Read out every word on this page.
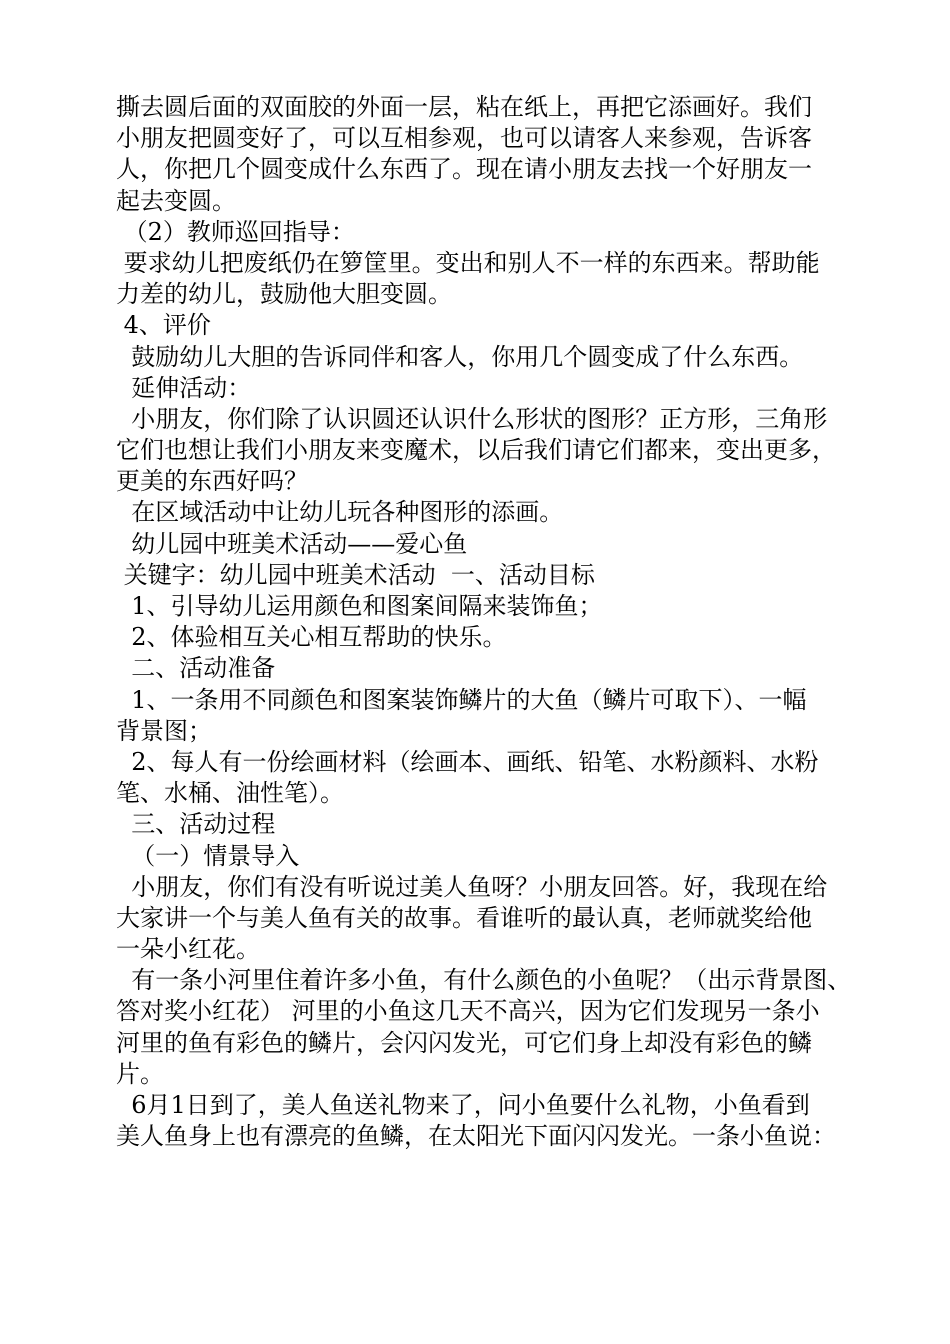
撕去圆后面的双面胶的外面一层，粘在纸上，再把它添画好。我们
小朋友把圆变好了，可以互相参观，也可以请客人来参观，告诉客
人，你把几个圆变成什么东西了。现在请小朋友去找一个好朋友一
起去变圆。
（2）教师巡回指导：
要求幼儿把废纸仍在箩筐里。变出和别人不一样的东西来。帮助能
力差的幼儿，鼓励他大胆变圆。
4、评价
鼓励幼儿大胆的告诉同伴和客人，你用几个圆变成了什么东西。
延伸活动：
小朋友，你们除了认识圆还认识什么形状的图形？正方形，三角形
它们也想让我们小朋友来变魔术，以后我们请它们都来，变出更多，
更美的东西好吗？
在区域活动中让幼儿玩各种图形的添画。
幼儿园中班美术活动——爱心鱼
关键字：幼儿园中班美术活动  一、活动目标
1、引导幼儿运用颜色和图案间隔来装饰鱼；
2、体验相互关心相互帮助的快乐。
二、活动准备
1、一条用不同颜色和图案装饰鳞片的大鱼（鳞片可取下）、一幅
背景图；
2、每人有一份绘画材料（绘画本、画纸、铅笔、水粉颜料、水粉
笔、水桶、油性笔）。
三、活动过程
（一）情景导入
小朋友，你们有没有听说过美人鱼呀？小朋友回答。好，我现在给
大家讲一个与美人鱼有关的故事。看谁听的最认真，老师就奖给他
一朵小红花。
有一条小河里住着许多小鱼，有什么颜色的小鱼呢？（出示背景图、
答对奖小红花） 河里的小鱼这几天不高兴，因为它们发现另一条小
河里的鱼有彩色的鳞片，会闪闪发光，可它们身上却没有彩色的鳞
片。
6月1日到了，美人鱼送礼物来了，问小鱼要什么礼物，小鱼看到
美人鱼身上也有漂亮的鱼鳞，在太阳光下面闪闪发光。一条小鱼说：
